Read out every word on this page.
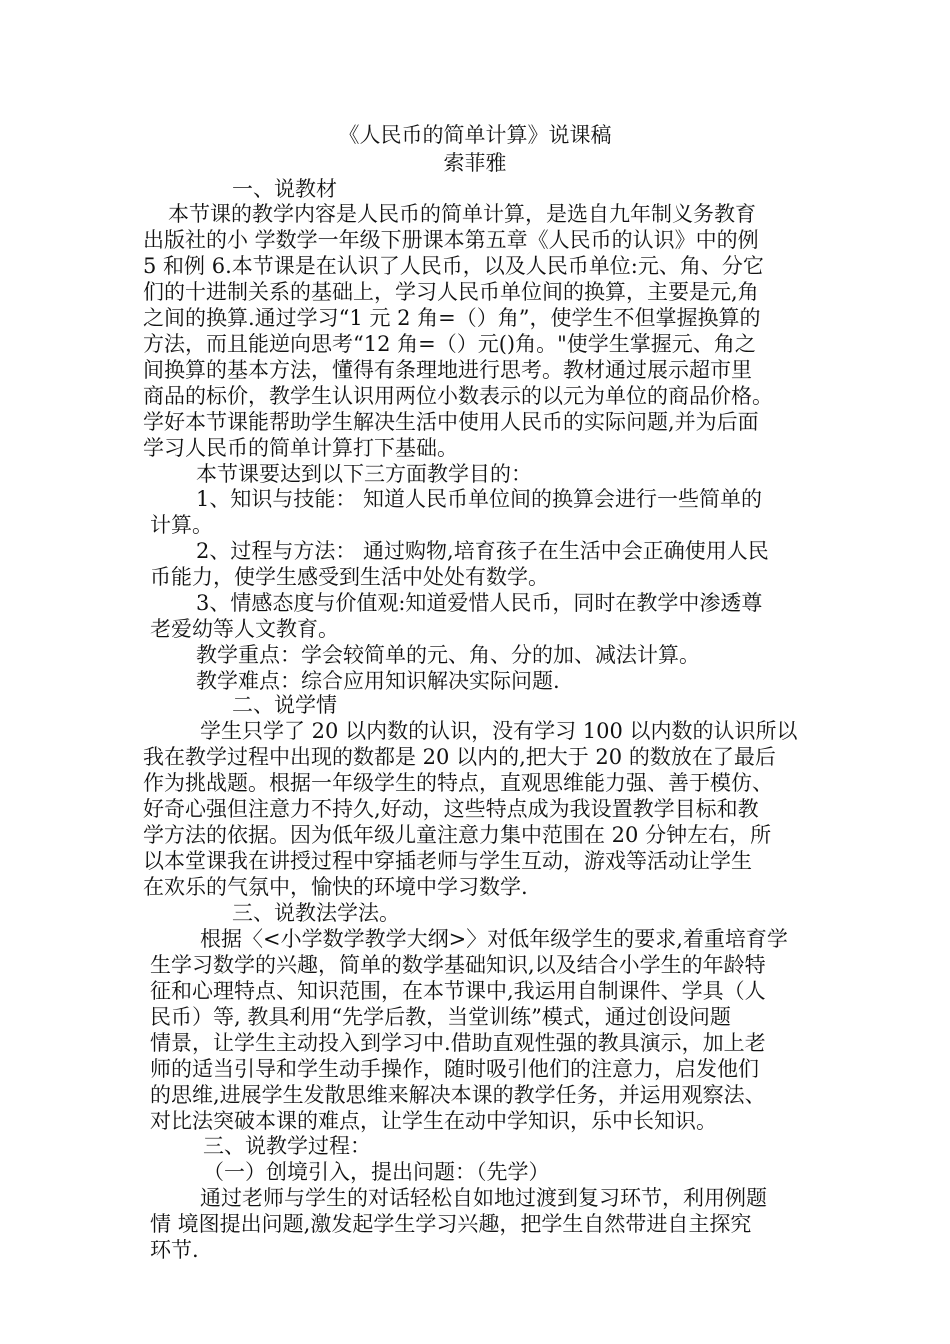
《人民币的简单计算》说课稿
索菲雅
一、说教材
本节课的教学内容是人民币的简单计算，是选自九年制义务教育
出版社的小 学数学一年级下册课本第五章《人民币的认识》中的例
5 和例 6.本节课是在认识了人民币，以及人民币单位:元、角、分它
们的十进制关系的基础上，学习人民币单位间的换算，主要是元,角
之间的换算.通过学习“1 元 2 角=（）角”，使学生不但掌握换算的
方法，而且能逆向思考“12 角=（）元()角。"使学生掌握元、角之
间换算的基本方法，懂得有条理地进行思考。教材通过展示超市里
商品的标价，教学生认识用两位小数表示的以元为单位的商品价格。
学好本节课能帮助学生解决生活中使用人民币的实际问题,并为后面
学习人民币的简单计算打下基础。
本节课要达到以下三方面教学目的：
1、知识与技能： 知道人民币单位间的换算会进行一些简单的
计算。
2、过程与方法： 通过购物,培育孩子在生活中会正确使用人民
币能力，使学生感受到生活中处处有数学。
3、情感态度与价值观:知道爱惜人民币，同时在教学中渗透尊
老爱幼等人文教育。
教学重点：学会较简单的元、角、分的加、减法计算。
教学难点：综合应用知识解决实际问题.
二、说学情
学生只学了 20 以内数的认识，没有学习 100 以内数的认识所以
我在教学过程中出现的数都是 20 以内的,把大于 20 的数放在了最后
作为挑战题。根据一年级学生的特点，直观思维能力强、善于模仿、
好奇心强但注意力不持久,好动，这些特点成为我设置教学目标和教
学方法的依据。因为低年级儿童注意力集中范围在 20 分钟左右，所
以本堂课我在讲授过程中穿插老师与学生互动，游戏等活动让学生
在欢乐的气氛中，愉快的环境中学习数学.
三、说教法学法。
根据〈<小学数学教学大纲>〉对低年级学生的要求,着重培育学
生学习数学的兴趣，简单的数学基础知识,以及结合小学生的年龄特
征和心理特点、知识范围，在本节课中,我运用自制课件、学具（人
民币）等, 教具利用“先学后教，当堂训练”模式，通过创设问题
情景，让学生主动投入到学习中.借助直观性强的教具演示，加上老
师的适当引导和学生动手操作，随时吸引他们的注意力，启发他们
的思维,进展学生发散思维来解决本课的教学任务，并运用观察法、
对比法突破本课的难点，让学生在动中学知识，乐中长知识。
三、说教学过程：
（一）创境引入，提出问题：（先学）
通过老师与学生的对话轻松自如地过渡到复习环节，利用例题
情 境图提出问题,激发起学生学习兴趣，把学生自然带进自主探究
环节.
